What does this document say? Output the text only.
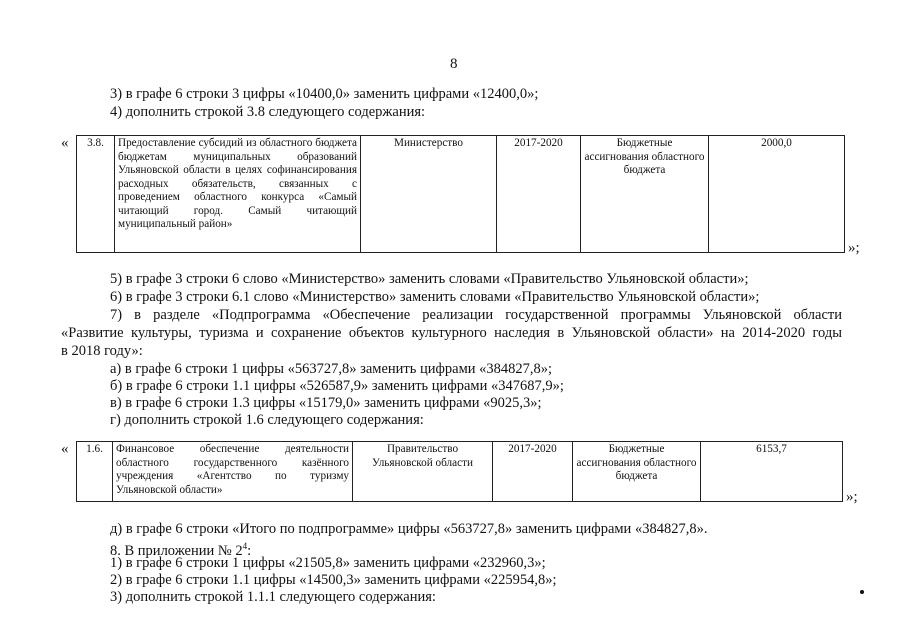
8
3) в графе 6 строки 3 цифры «10400,0» заменить цифрами «12400,0»;
4) дополнить строкой 3.8 следующего содержания:
« 3.8.	Предоставление субсидий из областного бюджета бюджетам муниципальных образований Ульяновской области в целях софинансирования расходных обязательств, связанных с проведением областного конкурса «Самый читающий город. Самый читающий муниципальный район»	Министерство	2017-2020	Бюджетные ассигнования областного бюджета	2000,0
»;
5) в графе 3 строки 6 слово «Министерство» заменить словами «Правительство Ульяновской области»;
6) в графе 3 строки 6.1 слово «Министерство» заменить словами «Правительство Ульяновской области»;
7) в разделе «Подпрограмма «Обеспечение реализации государственной программы Ульяновской области
«Развитие культуры, туризма и сохранение объектов культурного наследия в Ульяновской области» на 2014-2020 годы
в 2018 году»:
а) в графе 6 строки 1 цифры «563727,8» заменить цифрами «384827,8»;
б) в графе 6 строки 1.1 цифры «526587,9» заменить цифрами «347687,9»;
в) в графе 6 строки 1.3 цифры «15179,0» заменить цифрами «9025,3»;
г) дополнить строкой 1.6 следующего содержания:
« 1.6.	Финансовое обеспечение деятельности областного государственного казённого учреждения «Агентство по туризму Ульяновской области»	Правительство Ульяновской области	2017-2020	Бюджетные ассигнования областного бюджета	6153,7
»;
д) в графе 6 строки «Итого по подпрограмме» цифры «563727,8» заменить цифрами «384827,8».
8. В приложении № $2^4$:
1) в графе 6 строки 1 цифры «21505,8» заменить цифрами «232960,3»;
2) в графе 6 строки 1.1 цифры «14500,3» заменить цифрами «225954,8»;
3) дополнить строкой 1.1.1 следующего содержания:
